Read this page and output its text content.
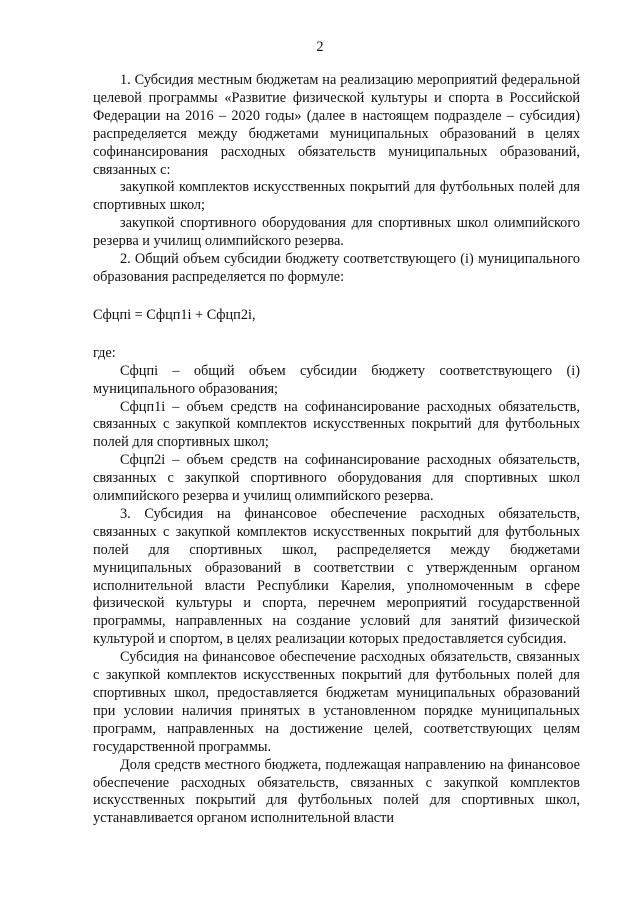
2

1. Субсидия местным бюджетам на реализацию мероприятий федеральной целевой программы «Развитие физической культуры и спорта в Российской Федерации на 2016 – 2020 годы» (далее в настоящем подразделе – субсидия) распределяется между бюджетами муниципальных образований в целях софинансирования расходных обязательств муниципальных образований, связанных с:

закупкой комплектов искусственных покрытий для футбольных полей для спортивных школ;

закупкой спортивного оборудования для спортивных школ олимпийского резерва и училищ олимпийского резерва.

2. Общий объем субсидии бюджету соответствующего (i) муниципального образования распределяется по формуле:

Сфцпi = Сфцп1i + Сфцп2i,

где:

Сфцпi – общий объем субсидии бюджету соответствующего (i) муниципального образования;

Сфцп1i – объем средств на софинансирование расходных обязательств, связанных с закупкой комплектов искусственных покрытий для футбольных полей для спортивных школ;

Сфцп2i – объем средств на софинансирование расходных обязательств, связанных с закупкой спортивного оборудования для спортивных школ олимпийского резерва и училищ олимпийского резерва.

3. Субсидия на финансовое обеспечение расходных обязательств, связанных с закупкой комплектов искусственных покрытий для футбольных полей для спортивных школ, распределяется между бюджетами муниципальных образований в соответствии с утвержденным органом исполнительной власти Республики Карелия, уполномоченным в сфере физической культуры и спорта, перечнем мероприятий государственной программы, направленных на создание условий для занятий физической культурой и спортом, в целях реализации которых предоставляется субсидия.

Субсидия на финансовое обеспечение расходных обязательств, связанных с закупкой комплектов искусственных покрытий для футбольных полей для спортивных школ, предоставляется бюджетам муниципальных образований при условии наличия принятых в установленном порядке муниципальных программ, направленных на достижение целей, соответствующих целям государственной программы.

Доля средств местного бюджета, подлежащая направлению на финансовое обеспечение расходных обязательств, связанных с закупкой комплектов искусственных покрытий для футбольных полей для спортивных школ, устанавливается органом исполнительной власти
